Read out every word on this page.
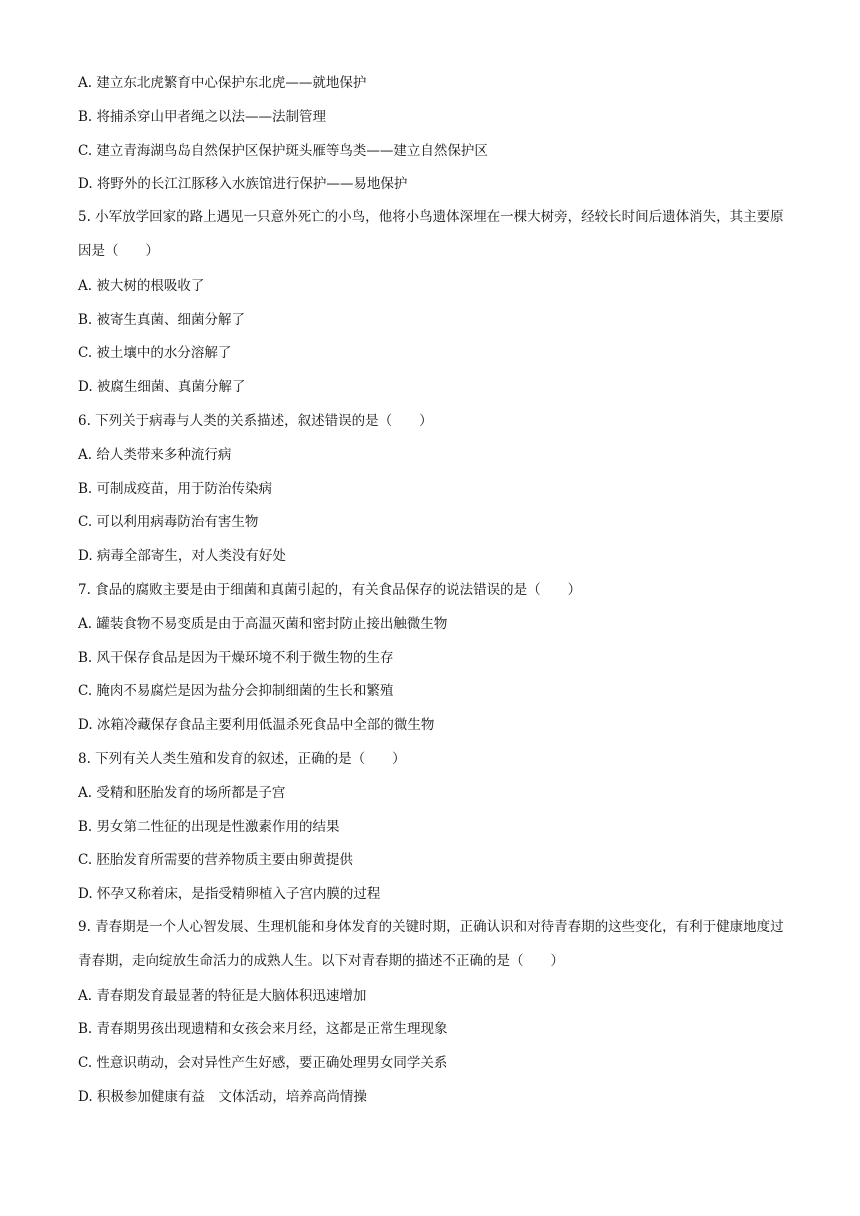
A. 建立东北虎繁育中心保护东北虎——就地保护
B. 将捕杀穿山甲者绳之以法——法制管理
C. 建立青海湖鸟岛自然保护区保护斑头雁等鸟类——建立自然保护区
D. 将野外的长江江豚移入水族馆进行保护——易地保护
5. 小军放学回家的路上遇见一只意外死亡的小鸟，他将小鸟遗体深埋在一棵大树旁，经较长时间后遗体消失，其主要原因是（　　）
A. 被大树的根吸收了
B. 被寄生真菌、细菌分解了
C. 被土壤中的水分溶解了
D. 被腐生细菌、真菌分解了
6. 下列关于病毒与人类的关系描述，叙述错误的是（　　）
A. 给人类带来多种流行病
B. 可制成疫苗，用于防治传染病
C. 可以利用病毒防治有害生物
D. 病毒全部寄生，对人类没有好处
7. 食品的腐败主要是由于细菌和真菌引起的，有关食品保存的说法错误的是（　　）
A. 罐装食物不易变质是由于高温灭菌和密封防止接出触微生物
B. 风干保存食品是因为干燥环境不利于微生物的生存
C. 腌肉不易腐烂是因为盐分会抑制细菌的生长和繁殖
D. 冰箱冷藏保存食品主要利用低温杀死食品中全部的微生物
8. 下列有关人类生殖和发育的叙述，正确的是（　　）
A. 受精和胚胎发育的场所都是子宫
B. 男女第二性征的出现是性激素作用的结果
C. 胚胎发育所需要的营养物质主要由卵黄提供
D. 怀孕又称着床，是指受精卵植入子宫内膜的过程
9. 青春期是一个人心智发展、生理机能和身体发育的关键时期，正确认识和对待青春期的这些变化，有利于健康地度过青春期，走向绽放生命活力的成熟人生。以下对青春期的描述不正确的是（　　）
A. 青春期发育最显著的特征是大脑体积迅速增加
B. 青春期男孩出现遗精和女孩会来月经，这都是正常生理现象
C. 性意识萌动，会对异性产生好感，要正确处理男女同学关系
D. 积极参加健康有益　文体活动，培养高尚情操
